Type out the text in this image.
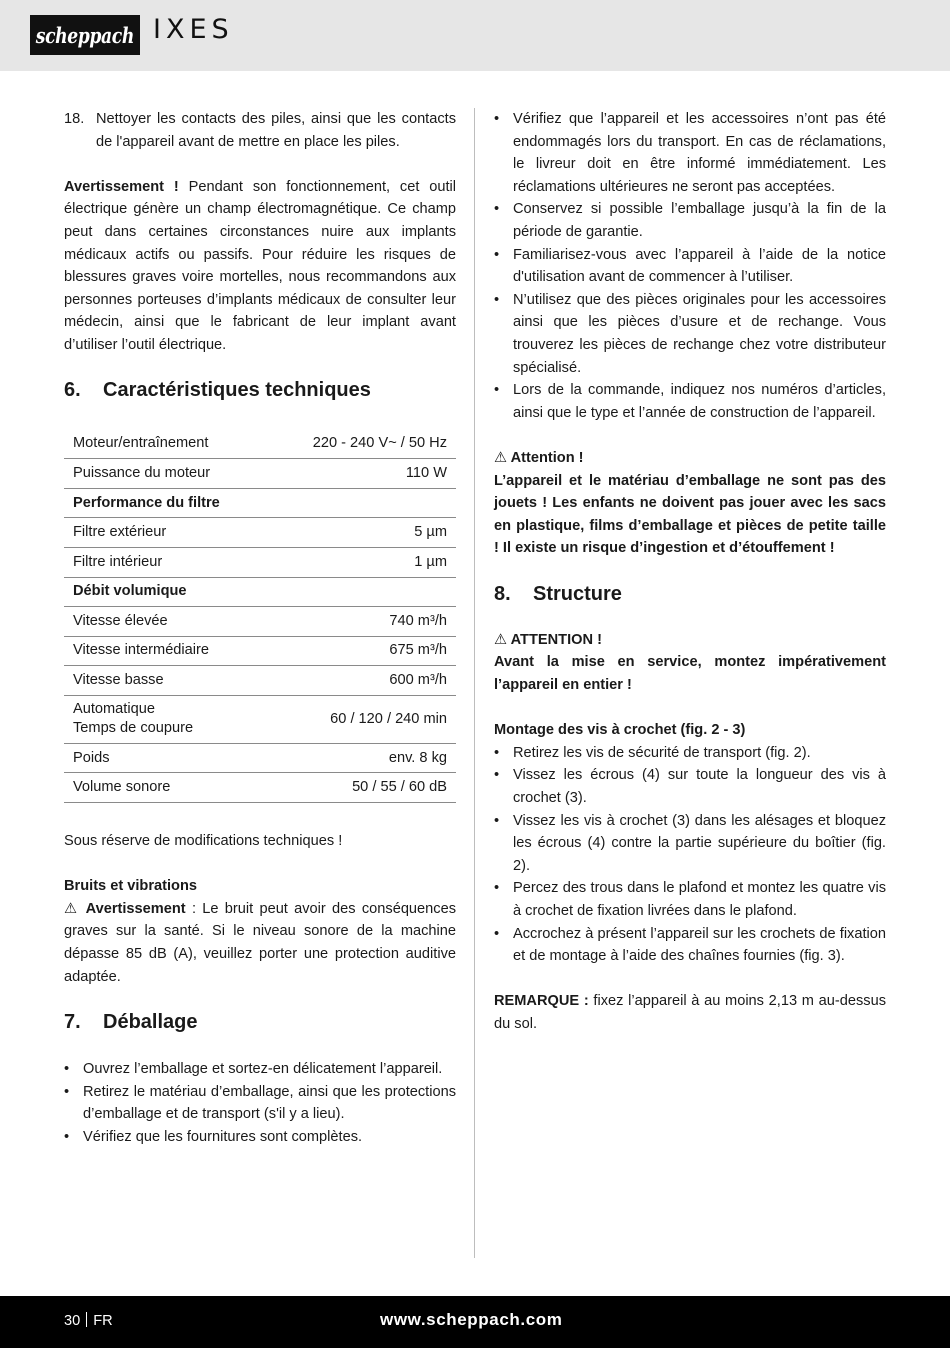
scheppach IXES
18. Nettoyer les contacts des piles, ainsi que les contacts de l'appareil avant de mettre en place les piles.

Avertissement ! Pendant son fonctionnement, cet outil électrique génère un champ électromagnétique. Ce champ peut dans certaines circonstances nuire aux implants médicaux actifs ou passifs. Pour réduire les risques de blessures graves voire mortelles, nous recommandons aux personnes porteuses d’implants médicaux de consulter leur médecin, ainsi que le fabricant de leur implant avant d’utiliser l’outil électrique.

6.	Caractéristiques techniques
Moteur/entraînement	220 - 240 V~ / 50 Hz
Puissance du moteur	110 W
Performance du filtre	
Filtre extérieur	5 µm
Filtre intérieur	1 µm
Débit volumique	
Vitesse élevée	740 m³/h
Vitesse intermédiaire	675 m³/h
Vitesse basse	600 m³/h
Automatique
Temps de coupure	60 / 120 / 240 min
Poids	env. 8 kg
Volume sonore	50 / 55 / 60 dB

Sous réserve de modifications techniques !

Bruits et vibrations

⚠ Avertissement : Le bruit peut avoir des conséquences graves sur la santé. Si le niveau sonore de la machine dépasse 85 dB (A), veuillez porter une protection auditive adaptée.

7.	Déballage
• Ouvrez l’emballage et sortez-en délicatement l’appareil.
• Retirez le matériau d’emballage, ainsi que les protections d’emballage et de transport (s'il y a lieu).
• Vérifiez que les fournitures sont complètes.
• Vérifiez que l’appareil et les accessoires n’ont pas été endommagés lors du transport. En cas de réclamations, le livreur doit en être informé immédiatement. Les réclamations ultérieures ne seront pas acceptées.
• Conservez si possible l’emballage jusqu’à la fin de la période de garantie.
• Familiarisez-vous avec l’appareil à l’aide de la notice d'utilisation avant de commencer à l’utiliser.
• N’utilisez que des pièces originales pour les accessoires ainsi que les pièces d’usure et de rechange. Vous trouverez les pièces de rechange chez votre distributeur spécialisé.
• Lors de la commande, indiquez nos numéros d’articles, ainsi que le type et l’année de construction de l’appareil.

⚠ Attention !

L’appareil et le matériau d’emballage ne sont pas des jouets ! Les enfants ne doivent pas jouer avec les sacs en plastique, films d’emballage et pièces de petite taille ! Il existe un risque d’ingestion et d’étouffement !

8.	Structure

⚠ ATTENTION !

Avant la mise en service, montez impérativement l’appareil en entier !

Montage des vis à crochet (fig. 2 - 3)

• Retirez les vis de sécurité de transport (fig. 2).
• Vissez les écrous (4) sur toute la longueur des vis à crochet (3).
• Vissez les vis à crochet (3) dans les alésages et bloquez les écrous (4) contre la partie supérieure du boîtier (fig. 2).
• Percez des trous dans le plafond et montez les quatre vis à crochet de fixation livrées dans le plafond.
• Accrochez à présent l’appareil sur les crochets de fixation et de montage à l’aide des chaînes fournies (fig. 3).

REMARQUE : fixez l’appareil à au moins 2,13 m au-dessus du sol.

30 FR	www.scheppach.com
